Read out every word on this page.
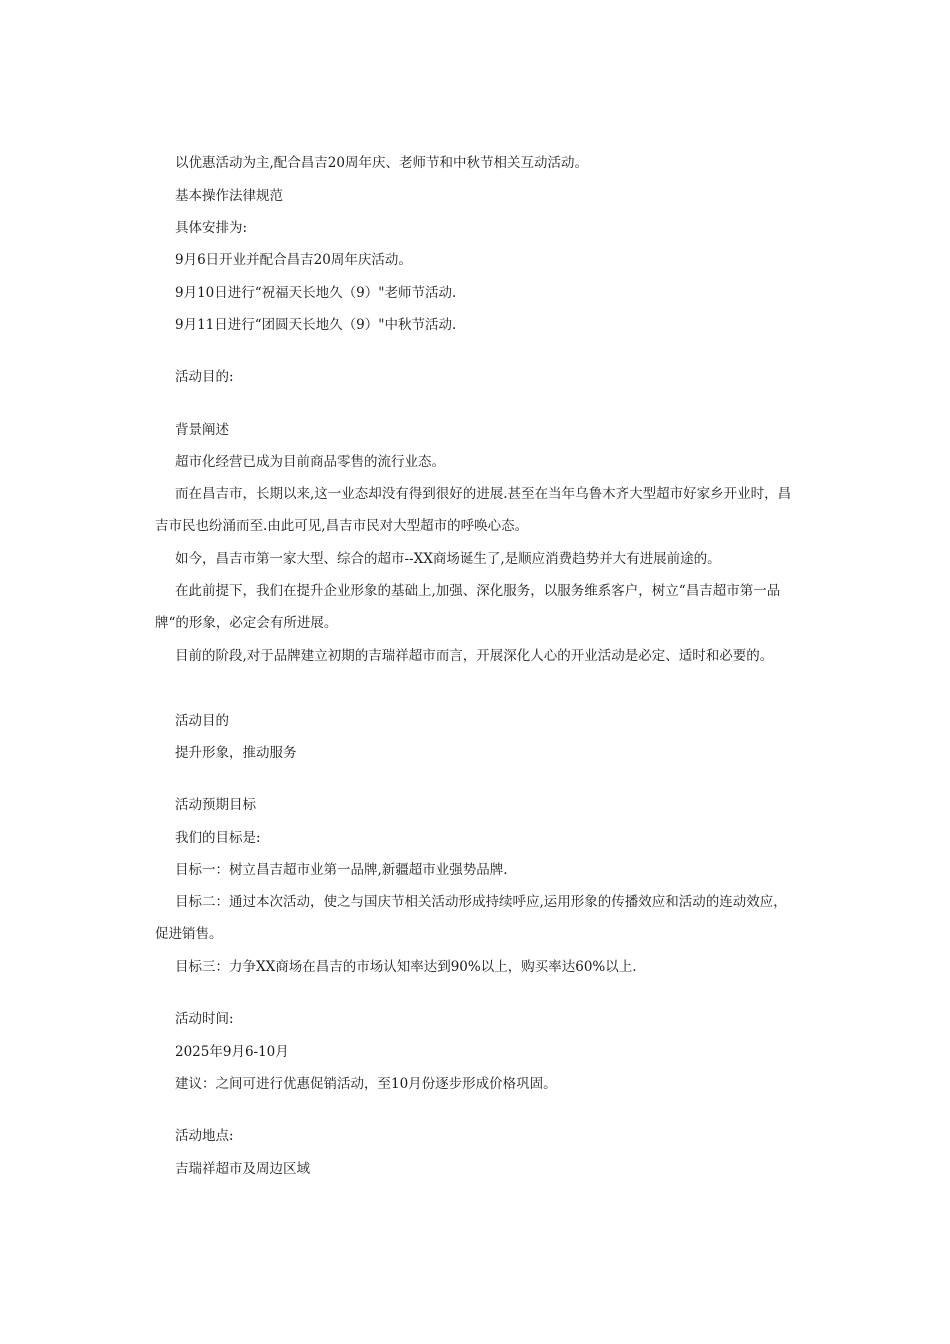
以优惠活动为主,配合昌吉20周年庆、老师节和中秋节相关互动活动。
基本操作法律规范
具体安排为:
9月6日开业并配合昌吉20周年庆活动。
9月10日进行“祝福天长地久（9）"老师节活动.
9月11日进行“团圆天长地久（9）"中秋节活动.
活动目的:
背景阐述
超市化经营已成为目前商品零售的流行业态。
而在昌吉市，长期以来,这一业态却没有得到很好的进展.甚至在当年乌鲁木齐大型超市好家乡开业时，昌吉市民也纷涌而至.由此可见,昌吉市民对大型超市的呼唤心态。
如今，昌吉市第一家大型、综合的超市--XX商场诞生了,是顺应消费趋势并大有进展前途的。
在此前提下，我们在提升企业形象的基础上,加强、深化服务，以服务维系客户，树立“昌吉超市第一品牌“的形象，必定会有所进展。
目前的阶段,对于品牌建立初期的吉瑞祥超市而言，开展深化人心的开业活动是必定、适时和必要的。
活动目的
提升形象，推动服务
活动预期目标
我们的目标是:
目标一：树立昌吉超市业第一品牌,新疆超市业强势品牌.
目标二：通过本次活动，使之与国庆节相关活动形成持续呼应,运用形象的传播效应和活动的连动效应，促进销售。
目标三：力争XX商场在昌吉的市场认知率达到90%以上，购买率达60%以上.
活动时间:
2025年9月6-10月
建议：之间可进行优惠促销活动，至10月份逐步形成价格巩固。
活动地点:
吉瑞祥超市及周边区域
